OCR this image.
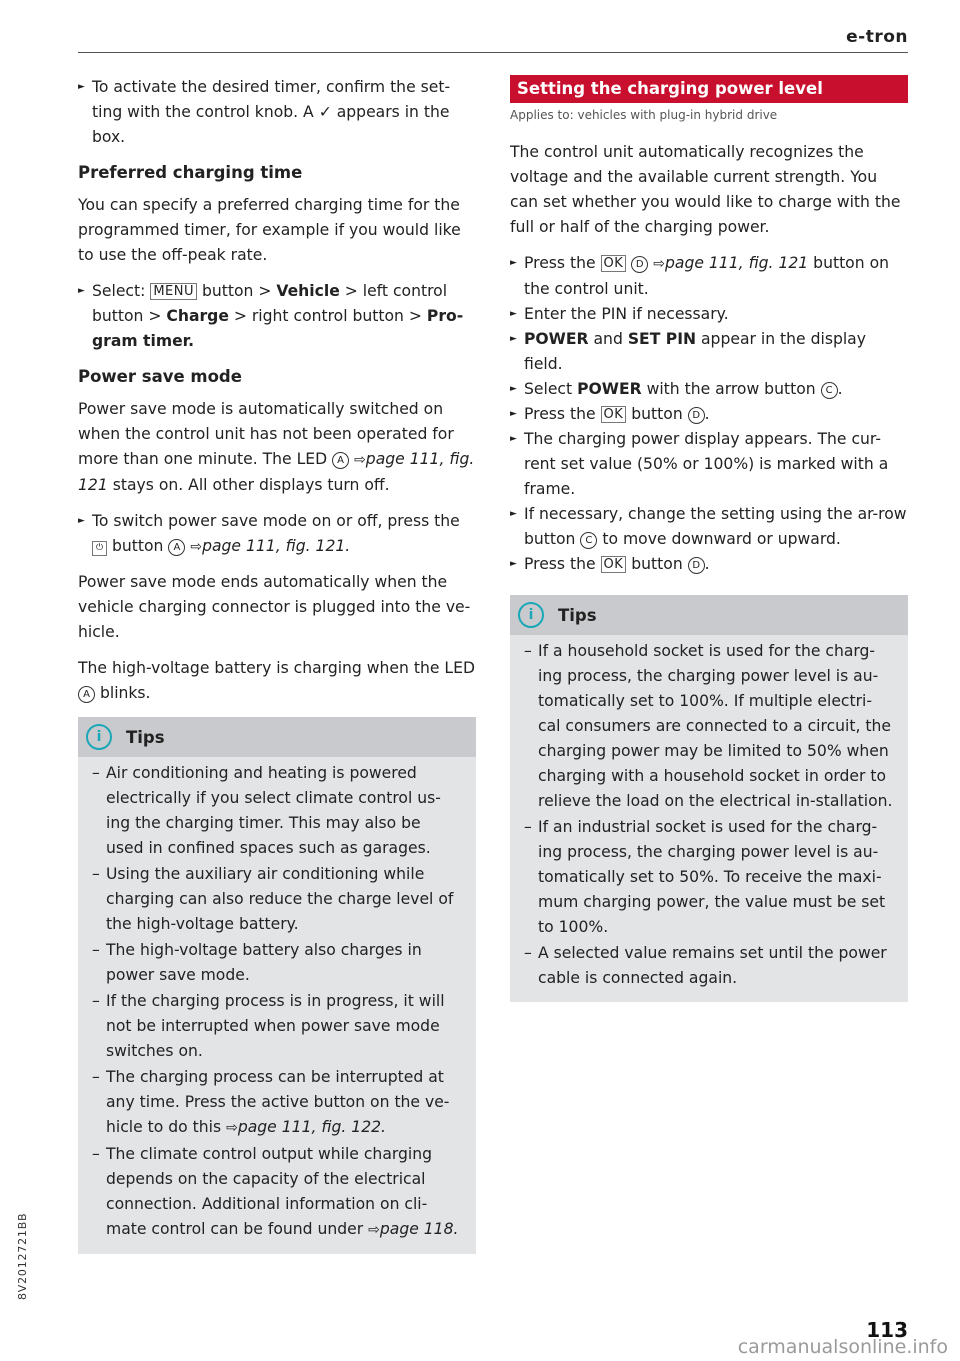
e-tron

► To activate the desired timer, confirm the set-ting with the control knob. A ✓ appears in the box.

Preferred charging time

You can specify a preferred charging time for the programmed timer, for example if you would like to use the off-peak rate.

► Select: MENU button > Vehicle > left control button > Charge > right control button > Pro-gram timer.

Power save mode

Power save mode is automatically switched on when the control unit has not been operated for more than one minute. The LED A ⇨page 111, fig. 121 stays on. All other displays turn off.

► To switch power save mode on or off, press the ⏻ button A ⇨page 111, fig. 121.

Power save mode ends automatically when the vehicle charging connector is plugged into the ve-hicle.

The high-voltage battery is charging when the LED A blinks.

i	Tips

– Air conditioning and heating is powered electrically if you select climate control us-ing the charging timer. This may also be used in confined spaces such as garages.

– Using the auxiliary air conditioning while charging can also reduce the charge level of the high-voltage battery.

– The high-voltage battery also charges in power save mode.

– If the charging process is in progress, it will not be interrupted when power save mode switches on.

– The charging process can be interrupted at any time. Press the active button on the ve-hicle to do this ⇨page 111, fig. 122.

– The climate control output while charging depends on the capacity of the electrical connection. Additional information on cli-mate control can be found under ⇨page 118.

Setting the charging power level
Applies to: vehicles with plug-in hybrid drive

The control unit automatically recognizes the voltage and the available current strength. You can set whether you would like to charge with the full or half of the charging power.

► Press the OK D ⇨page 111, fig. 121 button on the control unit.

► Enter the PIN if necessary.

► POWER and SET PIN appear in the display field.

► Select POWER with the arrow button C .

► Press the OK button D .

► The charging power display appears. The cur-rent set value (50% or 100%) is marked with a frame.

► If necessary, change the setting using the ar-row button C to move downward or upward.

► Press the OK button D .

i	Tips

– If a household socket is used for the charg-ing process, the charging power level is au-tomatically set to 100%. If multiple electri-cal consumers are connected to a circuit, the charging power may be limited to 50% when charging with a household socket in order to relieve the load on the electrical in-stallation.

– If an industrial socket is used for the charg-ing process, the charging power level is au-tomatically set to 50%. To receive the maxi-mum charging power, the value must be set to 100%.

– A selected value remains set until the power cable is connected again.

8V2012721BB
113
carmanualsonline.info
